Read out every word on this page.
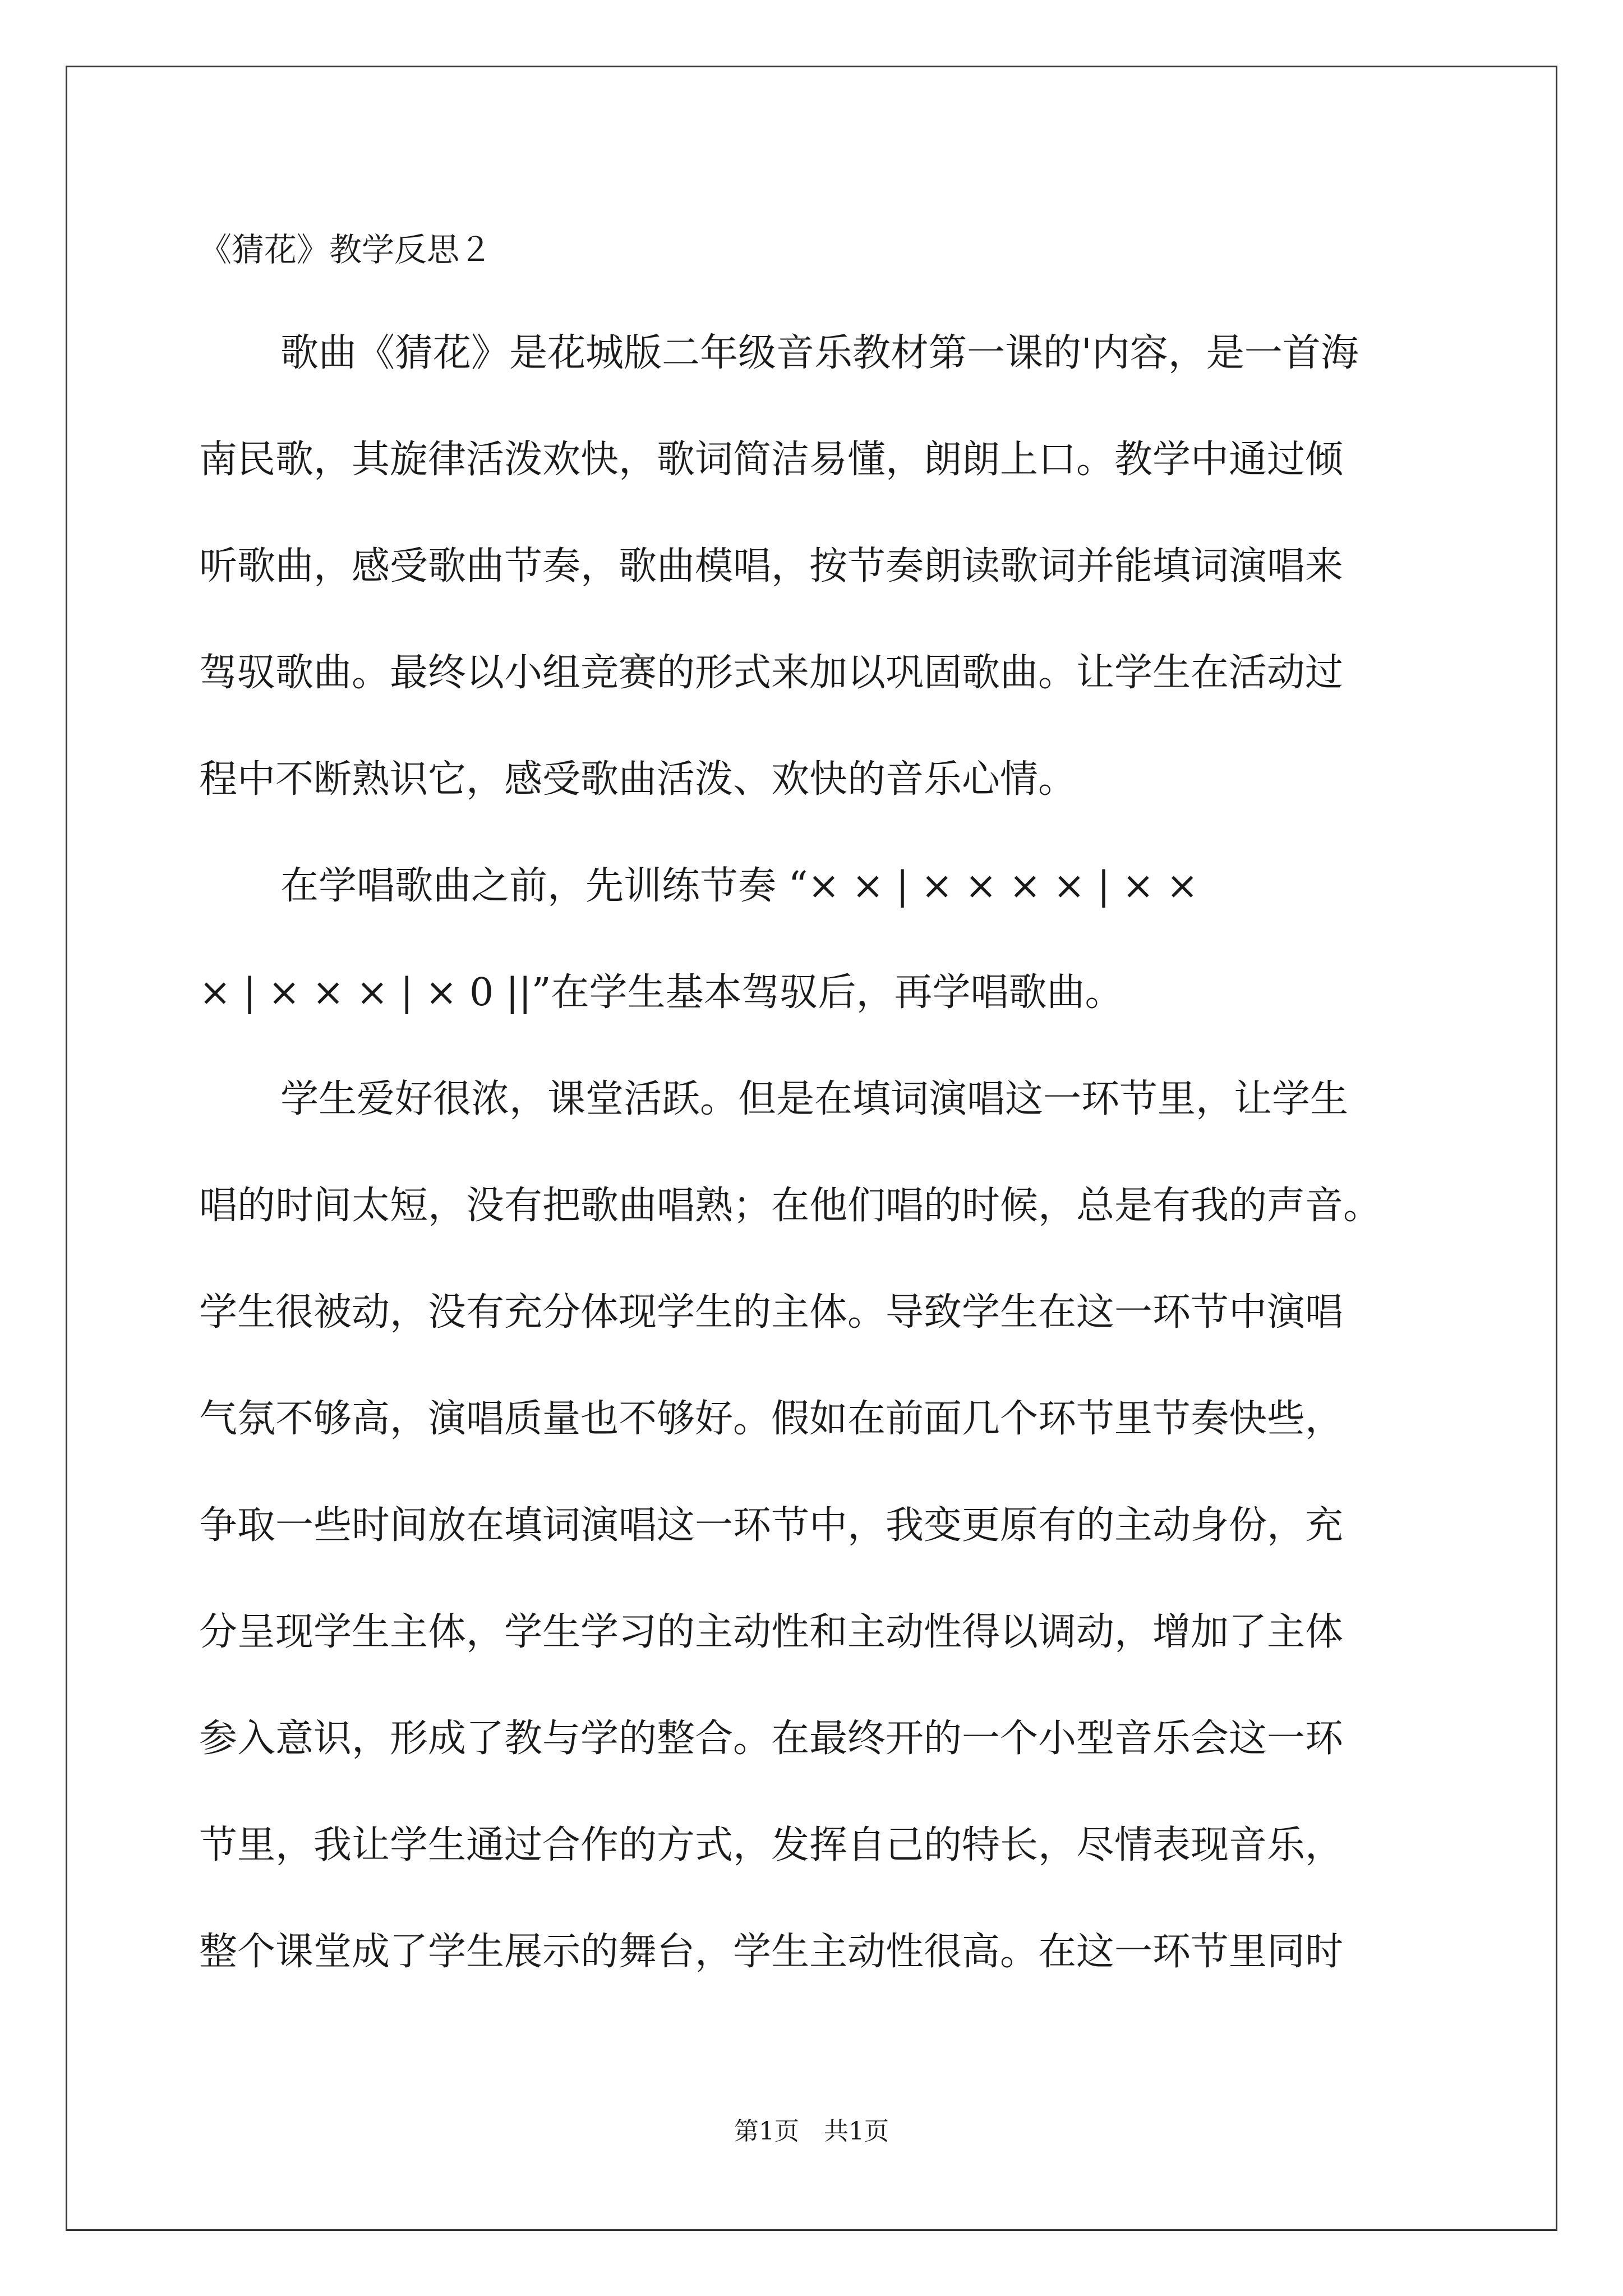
《猜花》教学反思２

歌曲《猜花》是花城版二年级音乐教材第一课的'内容，是一首海

南民歌，其旋律活泼欢快，歌词简洁易懂，朗朗上口。教学中通过倾

听歌曲，感受歌曲节奏，歌曲模唱，按节奏朗读歌词并能填词演唱来

驾驭歌曲。最终以小组竞赛的形式来加以巩固歌曲。让学生在活动过

程中不断熟识它，感受歌曲活泼、欢快的音乐心情。

在学唱歌曲之前，先训练节奏 “× × | × × × × | × ×

× | × × × | × 0 ||”在学生基本驾驭后，再学唱歌曲。

学生爱好很浓，课堂活跃。但是在填词演唱这一环节里，让学生

唱的时间太短，没有把歌曲唱熟；在他们唱的时候，总是有我的声音。

学生很被动，没有充分体现学生的主体。导致学生在这一环节中演唱

气氛不够高，演唱质量也不够好。假如在前面几个环节里节奏快些，

争取一些时间放在填词演唱这一环节中，我变更原有的主动身份，充

分呈现学生主体，学生学习的主动性和主动性得以调动，增加了主体

参入意识，形成了教与学的整合。在最终开的一个小型音乐会这一环

节里，我让学生通过合作的方式，发挥自己的特长，尽情表现音乐，

整个课堂成了学生展示的舞台，学生主动性很高。在这一环节里同时

第1页　共1页
